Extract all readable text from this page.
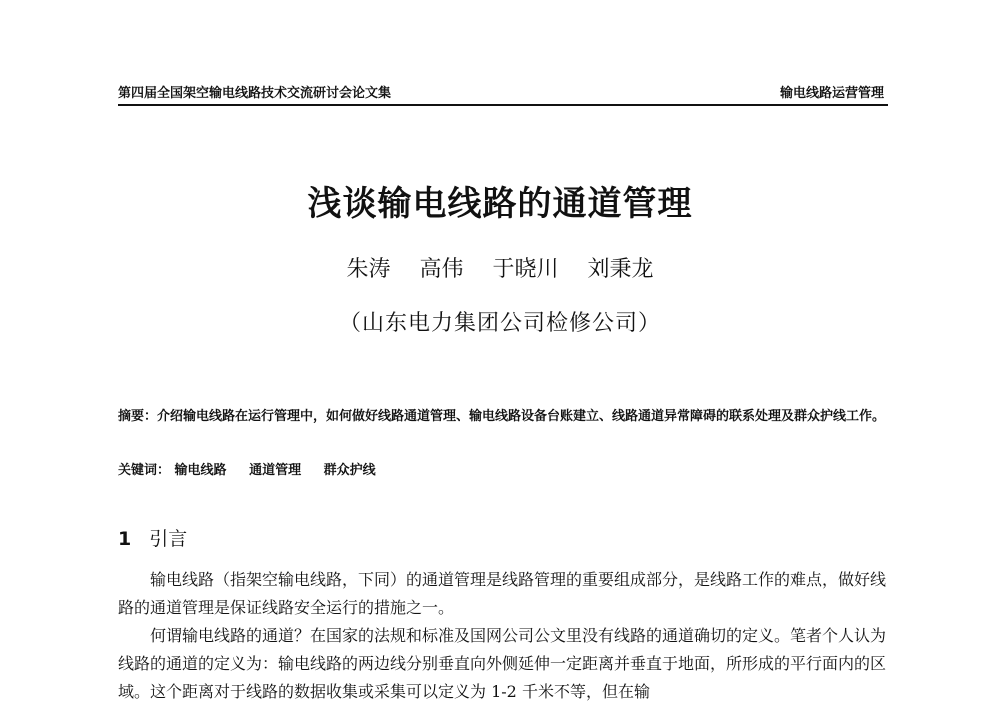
第四届全国架空输电线路技术交流研讨会论文集	输电线路运营管理
浅谈输电线路的通道管理
朱涛 高伟 于晓川 刘秉龙
（山东电力集团公司检修公司）
摘要：介绍输电线路在运行管理中，如何做好线路通道管理、输电线路设备台账建立、线路通道异常障碍的联系处理及群众护线工作。
关键词： 输电线路 通道管理 群众护线
1 引言

输电线路（指架空输电线路，下同）的通道管理是线路管理的重要组成部分，是线路工作的难点，做好线路的通道管理是保证线路安全运行的措施之一。

何谓输电线路的通道？在国家的法规和标准及国网公司公文里没有线路的通道确切的定义。笔者个人认为线路的通道的定义为：输电线路的两边线分别垂直向外侧延伸一定距离并垂直于地面，所形成的平行面内的区域。这个距离对于线路的数据收集或采集可以定义为 1-2 千米不等，但在输
